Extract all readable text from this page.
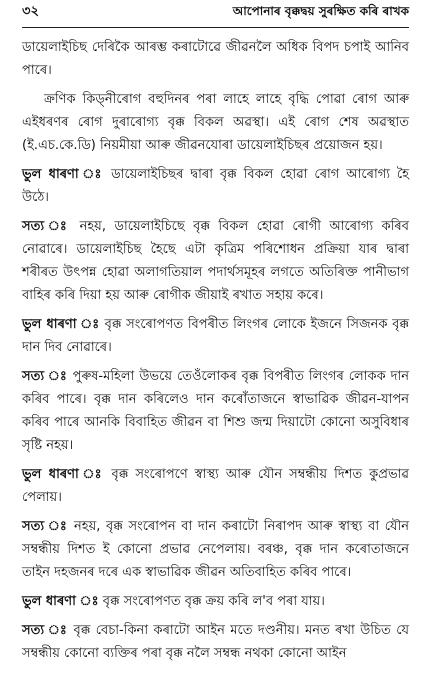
৩২	আপোনাৰ বৃক্কদ্বয় সুৰক্ষিত কৰি ৰাখক

ডায়েলাইচিছ দেৰিকৈ আৰম্ভ কৰাটোৱে জীৱনলৈ অধিক বিপদ চপাই আনিব পাৰে।

ক্ৰণিক কিড্‌নীৰোগ বহুদিনৰ পৰা লাহে লাহে বৃদ্ধি পোৱা ৰোগ আৰু এইধৰণৰ ৰোগ দুৰাৰোগ্য বৃক্ক বিকল অৱস্থা। এই ৰোগ শেষ অৱস্থাত (ই.এচ.কে.ডি) নিয়মীয়া আৰু জীৱনযোৰা ডায়েলাইচিছৰ প্ৰয়োজন হয়।

ভুল ধাৰণা ঃ ডায়েলাইচিছৰ দ্বাৰা বৃক্ক বিকল হোৱা ৰোগ আৰোগ্য হৈ উঠে।

সত্য ঃ নহয়, ডায়েলাইচিছে বৃক্ক বিকল হোৱা ৰোগী আৰোগ্য কৰিব নোৱাৰে। ডায়েলাইচিছ হৈছে এটা কৃত্ৰিম পৰিশোধন প্ৰক্ৰিয়া যাৰ দ্বাৰা শৰীৰত উৎপন্ন হোৱা অলাগতিয়াল পদাৰ্থসমূহৰ লগতে অতিৰিক্ত পানীভাগ বাহিৰ কৰি দিয়া হয় আৰু ৰোগীক জীয়াই ৰখাত সহায় কৰে।

ভুল ধাৰণা ঃ বৃক্ক সংৰোপণত বিপৰীত লিংগৰ লোকে ইজনে সিজনক বৃক্ক দান দিব নোৱাৰে।

সত্য ঃ পুৰুষ-মহিলা উভয়ে তেওঁলোকৰ বৃক্ক বিপৰীত লিংগৰ লোকক দান কৰিব পাৰে। বৃক্ক দান কৰিলেও দান কৰোঁতাজনে স্বাভাৱিক জীৱন-যাপন কৰিব পাৰে আনকি বিবাহিত জীৱন বা শিশু জন্ম দিয়াটো কোনো অসুবিধাৰ সৃষ্টি নহয়।

ভুল ধাৰণা ঃ বৃক্ক সংৰোপণে স্বাস্থ্য আৰু যৌন সম্বন্ধীয় দিশত কুপ্ৰভাৱ পেলায়।

সত্য ঃ নহয়, বৃক্ক সংৰোপন বা দান কৰাটো নিৰাপদ আৰু স্বাস্থ্য বা যৌন সম্বন্ধীয় দিশত ই কোনো প্ৰভাৱ নেপেলায়। বৰঞ্চ, বৃক্ক দান কৰোতাজনে তাইন দহজনৰ দৰে এক স্বাভাৱিক জীৱন অতিবাহিত কৰিব পাৰে।

ভুল ধাৰণা ঃ বৃক্ক সংৰোপণত বৃক্ক ক্ৰয় কৰি ল'ব পৰা যায়।

সত্য ঃ বৃক্ক বেচা-কিনা কৰাটো আইন মতে দণ্ডনীয়। মনত ৰখা উচিত যে সম্বন্ধীয় কোনো ব্যক্তিৰ পৰা বৃক্ক নলৈ সম্বন্ধ নথকা কোনো আইন
